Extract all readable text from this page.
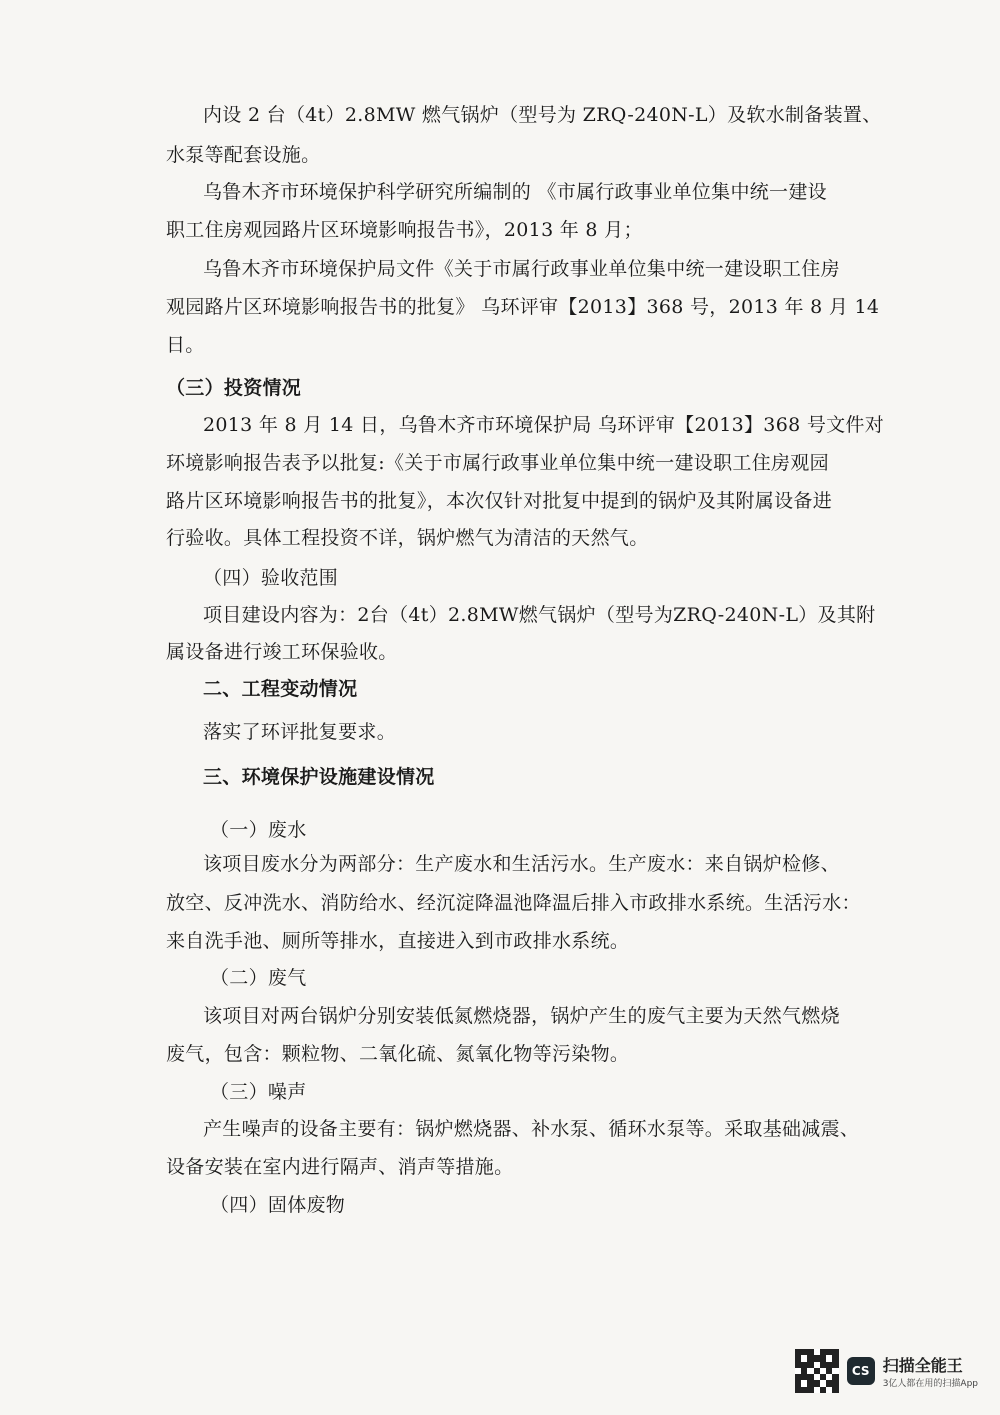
内设 2 台（4t）2.8MW 燃气锅炉（型号为 ZRQ-240N-L）及软水制备装置、
水泵等配套设施。
乌鲁木齐市环境保护科学研究所编制的 《市属行政事业单位集中统一建设
职工住房观园路片区环境影响报告书》，2013 年 8 月；
乌鲁木齐市环境保护局文件《关于市属行政事业单位集中统一建设职工住房
观园路片区环境影响报告书的批复》 乌环评审【2013】368 号，2013 年 8 月 14
日。
（三）投资情况
2013 年 8 月 14 日，乌鲁木齐市环境保护局 乌环评审【2013】368 号文件对
环境影响报告表予以批复:《关于市属行政事业单位集中统一建设职工住房观园
路片区环境影响报告书的批复》，本次仅针对批复中提到的锅炉及其附属设备进
行验收。具体工程投资不详，锅炉燃气为清洁的天然气。
（四）验收范围
项目建设内容为：2台（4t）2.8MW燃气锅炉（型号为ZRQ-240N-L）及其附
属设备进行竣工环保验收。
二、工程变动情况
落实了环评批复要求。
三、环境保护设施建设情况
（一）废水
该项目废水分为两部分：生产废水和生活污水。生产废水：来自锅炉检修、
放空、反冲洗水、消防给水、经沉淀降温池降温后排入市政排水系统。生活污水：
来自洗手池、厕所等排水，直接进入到市政排水系统。
（二）废气
该项目对两台锅炉分别安装低氮燃烧器，锅炉产生的废气主要为天然气燃烧
废气，包含：颗粒物、二氧化硫、氮氧化物等污染物。
（三）噪声
产生噪声的设备主要有：锅炉燃烧器、补水泵、循环水泵等。采取基础减震、
设备安装在室内进行隔声、消声等措施。
（四）固体废物
CS 扫描全能王
3亿人都在用的扫描App
